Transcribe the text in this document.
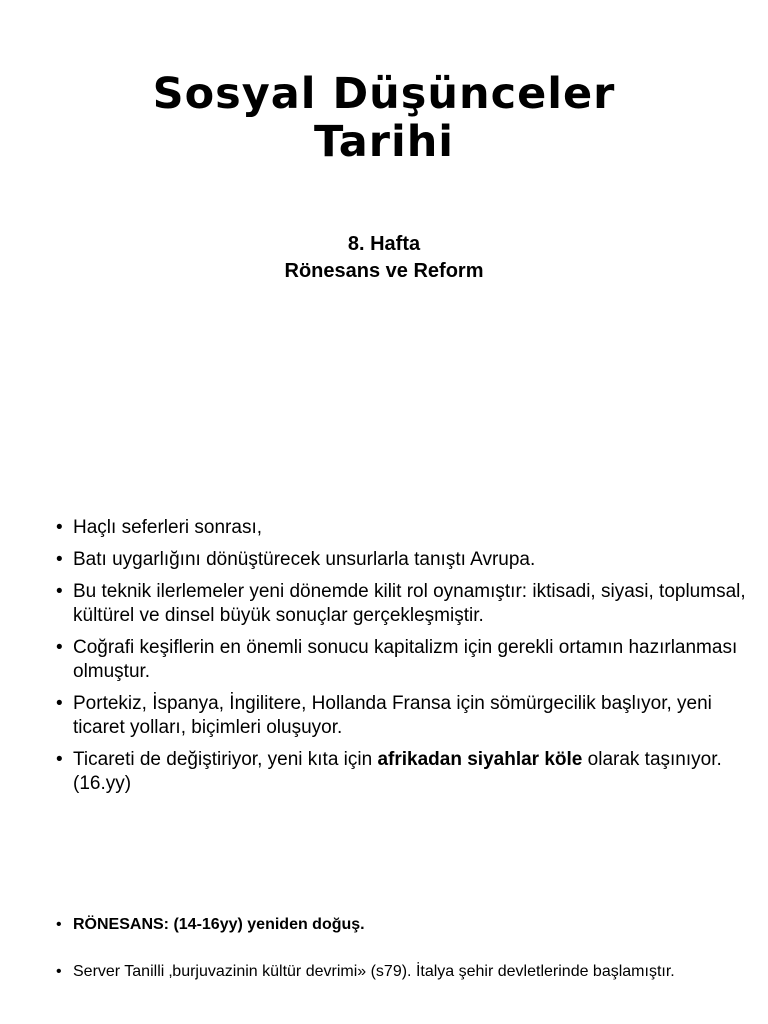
Sosyal Düşünceler
Tarihi
8. Hafta
Rönesans ve Reform
• Haçlı seferleri sonrası,
• Batı uygarlığını dönüştürecek unsurlarla tanıştı Avrupa.
• Bu teknik ilerlemeler yeni dönemde kilit rol oynamıştır: iktisadi, siyasi, toplumsal, kültürel ve dinsel büyük sonuçlar gerçekleşmiştir.
• Coğrafi keşiflerin en önemli sonucu kapitalizm için gerekli ortamın hazırlanması olmuştur.
• Portekiz, İspanya, İngilitere, Hollanda Fransa için sömürgecilik başlıyor, yeni ticaret yolları, biçimleri oluşuyor.
• Ticareti de değiştiriyor, yeni kıta için afrikadan siyahlar köle olarak taşınıyor. (16.yy)
• RÖNESANS: (14-16yy) yeniden doğuş.
• Server Tanilli ‚burjuvazinin kültür devrimi» (s79). İtalya şehir devletlerinde başlamıştır.
